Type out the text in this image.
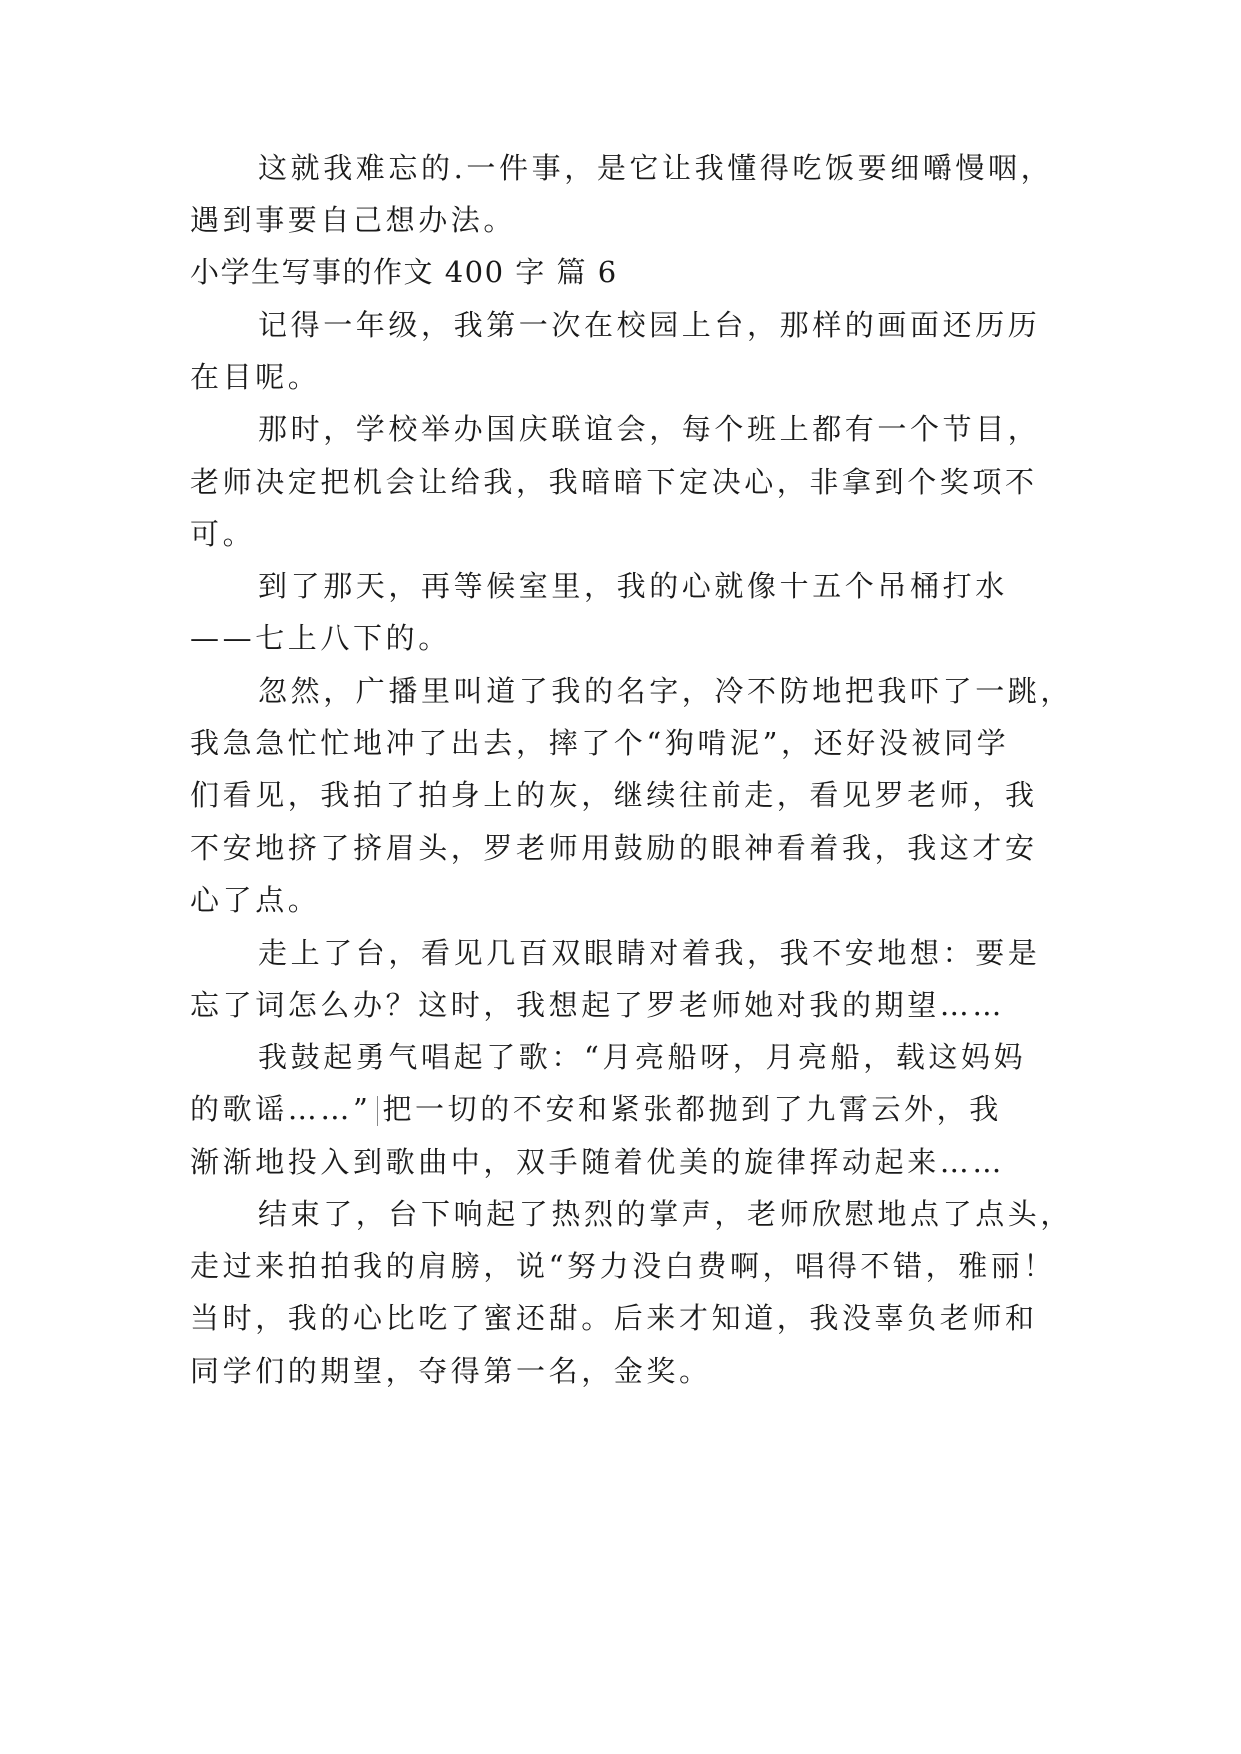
这就我难忘的.一件事，是它让我懂得吃饭要细嚼慢咽，
遇到事要自己想办法。
小学生写事的作文 400 字 篇 6
记得一年级，我第一次在校园上台，那样的画面还历历
在目呢。
那时，学校举办国庆联谊会，每个班上都有一个节目，
老师决定把机会让给我，我暗暗下定决心，非拿到个奖项不
可。
到了那天，再等候室里，我的心就像十五个吊桶打水
——七上八下的。
忽然，广播里叫道了我的名字，冷不防地把我吓了一跳，
我急急忙忙地冲了出去，摔了个“狗啃泥”，还好没被同学
们看见，我拍了拍身上的灰，继续往前走，看见罗老师，我
不安地挤了挤眉头，罗老师用鼓励的眼神看着我，我这才安
心了点。
走上了台，看见几百双眼睛对着我，我不安地想：要是
忘了词怎么办？这时，我想起了罗老师她对我的期望……
我鼓起勇气唱起了歌：“月亮船呀，月亮船，载这妈妈
的歌谣……” 把一切的不安和紧张都抛到了九霄云外，我
渐渐地投入到歌曲中，双手随着优美的旋律挥动起来……
结束了，台下响起了热烈的掌声，老师欣慰地点了点头，
走过来拍拍我的肩膀，说“努力没白费啊，唱得不错，雅丽！
当时，我的心比吃了蜜还甜。后来才知道，我没辜负老师和
同学们的期望，夺得第一名，金奖。
